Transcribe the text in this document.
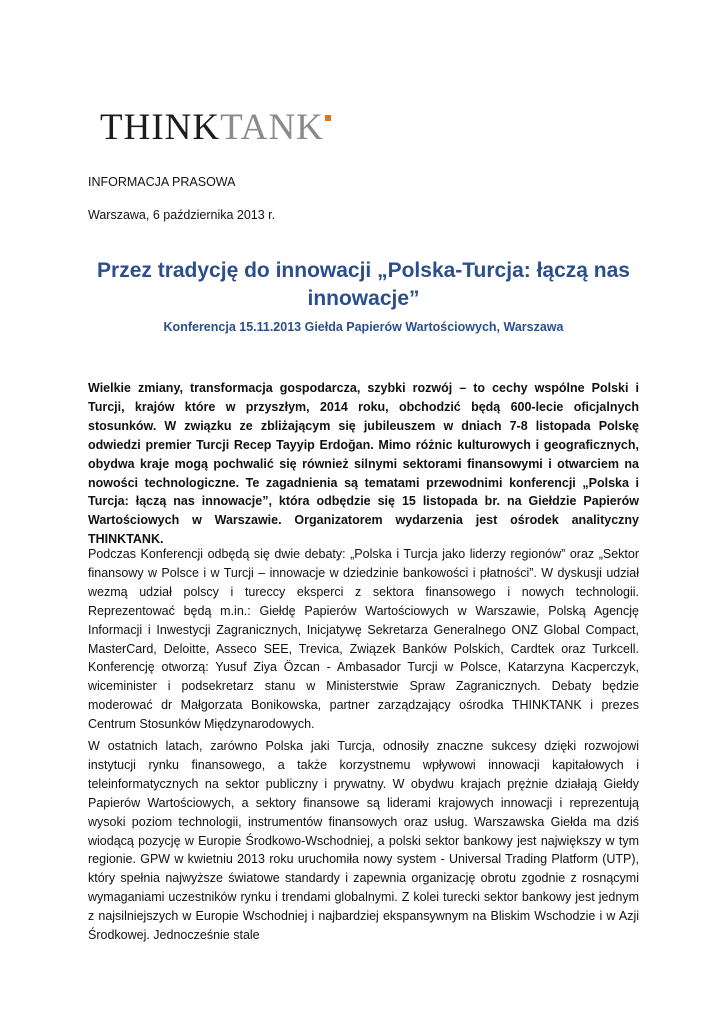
THINKTANK
INFORMACJA PRASOWA
Warszawa, 6 października 2013 r.
Przez tradycję do innowacji „Polska-Turcja: łączą nas innowacje”
Konferencja 15.11.2013 Giełda Papierów Wartościowych, Warszawa

Wielkie zmiany, transformacja gospodarcza, szybki rozwój – to cechy wspólne Polski i Turcji, krajów które w przyszłym, 2014 roku, obchodzić będą 600-lecie oficjalnych stosunków. W związku ze zbliżającym się jubileuszem w dniach 7-8 listopada Polskę odwiedzi premier Turcji Recep Tayyip Erdoğan. Mimo różnic kulturowych i geograficznych, obydwa kraje mogą pochwalić się również silnymi sektorami finansowymi i otwarciem na nowości technologiczne. Te zagadnienia są tematami przewodnimi konferencji „Polska i Turcja: łączą nas innowacje”, która odbędzie się 15 listopada br. na Giełdzie Papierów Wartościowych w Warszawie. Organizatorem wydarzenia jest ośrodek analityczny THINKTANK.

Podczas Konferencji odbędą się dwie debaty: „Polska i Turcja jako liderzy regionów” oraz „Sektor finansowy w Polsce i w Turcji – innowacje w dziedzinie bankowości i płatności”. W dyskusji udział wezmą udział polscy i tureccy eksperci z sektora finansowego i nowych technologii. Reprezentować będą m.in.: Giełdę Papierów Wartościowych w Warszawie, Polską Agencję Informacji i Inwestycji Zagranicznych, Inicjatywę Sekretarza Generalnego ONZ Global Compact, MasterCard, Deloitte, Asseco SEE, Trevica, Związek Banków Polskich, Cardtek oraz Turkcell. Konferencję otworzą: Yusuf Ziya Özcan - Ambasador Turcji w Polsce, Katarzyna Kacperczyk, wiceminister i podsekretarz stanu w Ministerstwie Spraw Zagranicznych. Debaty będzie moderować dr Małgorzata Bonikowska, partner zarządzający ośrodka THINKTANK i prezes Centrum Stosunków Międzynarodowych.

W ostatnich latach, zarówno Polska jaki Turcja, odnosiły znaczne sukcesy dzięki rozwojowi instytucji rynku finansowego, a także korzystnemu wpływowi innowacji kapitałowych i teleinformatycznych na sektor publiczny i prywatny. W obydwu krajach prężnie działają Giełdy Papierów Wartościowych, a sektory finansowe są liderami krajowych innowacji i reprezentują wysoki poziom technologii, instrumentów finansowych oraz usług. Warszawska Giełda ma dziś wiodącą pozycję w Europie Środkowo-Wschodniej, a polski sektor bankowy jest największy w tym regionie. GPW w kwietniu 2013 roku uruchomiła nowy system - Universal Trading Platform (UTP), który spełnia najwyższe światowe standardy i zapewnia organizację obrotu zgodnie z rosnącymi wymaganiami uczestników rynku i trendami globalnymi. Z kolei turecki sektor bankowy jest jednym z najsilniejszych w Europie Wschodniej i najbardziej ekspansywnym na Bliskim Wschodzie i w Azji Środkowej. Jednocześnie stale
